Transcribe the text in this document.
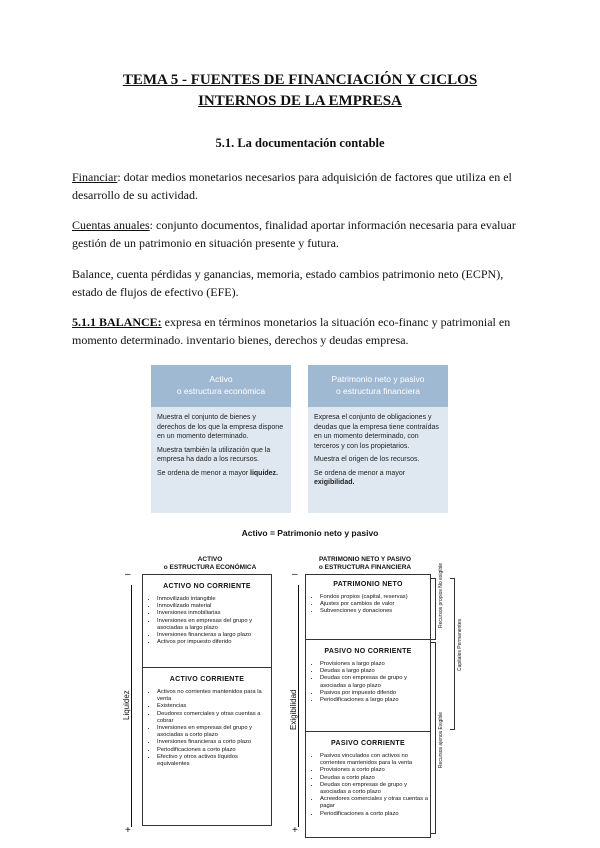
TEMA 5 - FUENTES DE FINANCIACIÓN Y CICLOS
INTERNOS DE LA EMPRESA
5.1. La documentación contable
Financiar: dotar medios monetarios necesarios para adquisición de factores que utiliza en el desarrollo de su actividad.
Cuentas anuales: conjunto documentos, finalidad aportar información necesaria para evaluar gestión de un patrimonio en situación presente y futura.
Balance, cuenta pérdidas y ganancias, memoria, estado cambios patrimonio neto (ECPN), estado de flujos de efectivo (EFE).
5.1.1 BALANCE: expresa en términos monetarios la situación eco-financ y patrimonial en momento determinado. inventario bienes, derechos y deudas empresa.
Activo
o estructura económica
Muestra el conjunto de bienes y derechos de los que la empresa dispone en un momento determinado.
Muestra también la utilización que la empresa ha dado a los recursos.
Se ordena de menor a mayor liquidez.
Patrimonio neto y pasivo
o estructura financiera
Expresa el conjunto de obligaciones y deudas que la empresa tiene contraídas en un momento determinado, con terceros y con los propietarios.
Muestra el origen de los recursos.
Se ordena de menor a mayor exigibilidad.
Activo = Patrimonio neto y pasivo
ACTIVO
o ESTRUCTURA ECONÓMICA
PATRIMONIO NETO Y PASIVO
o ESTRUCTURA FINANCIERA
–
Liquidez
+
ACTIVO NO CORRIENTE
• Inmovilizado intangible
• Inmovilizado material
• Inversiones inmobiliarias
• Inversiones en empresas del grupo y asociadas a largo plazo
• Inversiones financieras a largo plazo
• Activos por impuesto diferido
ACTIVO CORRIENTE
• Activos no corrientes mantenidos para la venta
• Existencias
• Deudores comerciales y otras cuentas a cobrar
• Inversiones en empresas del grupo y asociadas a corto plazo
• Inversiones financieras a corto plazo
• Periodificaciones a corto plazo
• Efectivo y otros activos líquidos equivalentes
–
Exigibilidad
+
PATRIMONIO NETO
• Fondos propios (capital, reservas)
• Ajustes por cambios de valor
• Subvenciones y donaciones
PASIVO NO CORRIENTE
• Provisiones a largo plazo
• Deudas a largo plazo
• Deudas con empresas de grupo y asociadas a largo plazo
• Pasivos por impuesto diferido
• Periodificaciones a largo plazo
PASIVO CORRIENTE
• Pasivos vinculados con activos no corrientes mantenidos para la venta
• Provisiones a corto plazo
• Deudas a corto plazo
• Deudas con empresas de grupo y asociadas a corto plazo
• Acreedores comerciales y otras cuentas a pagar
• Periodificaciones a corto plazo
Recursos propios No exigible
Recursos ajenos Exigible
Capitales Permanentes
